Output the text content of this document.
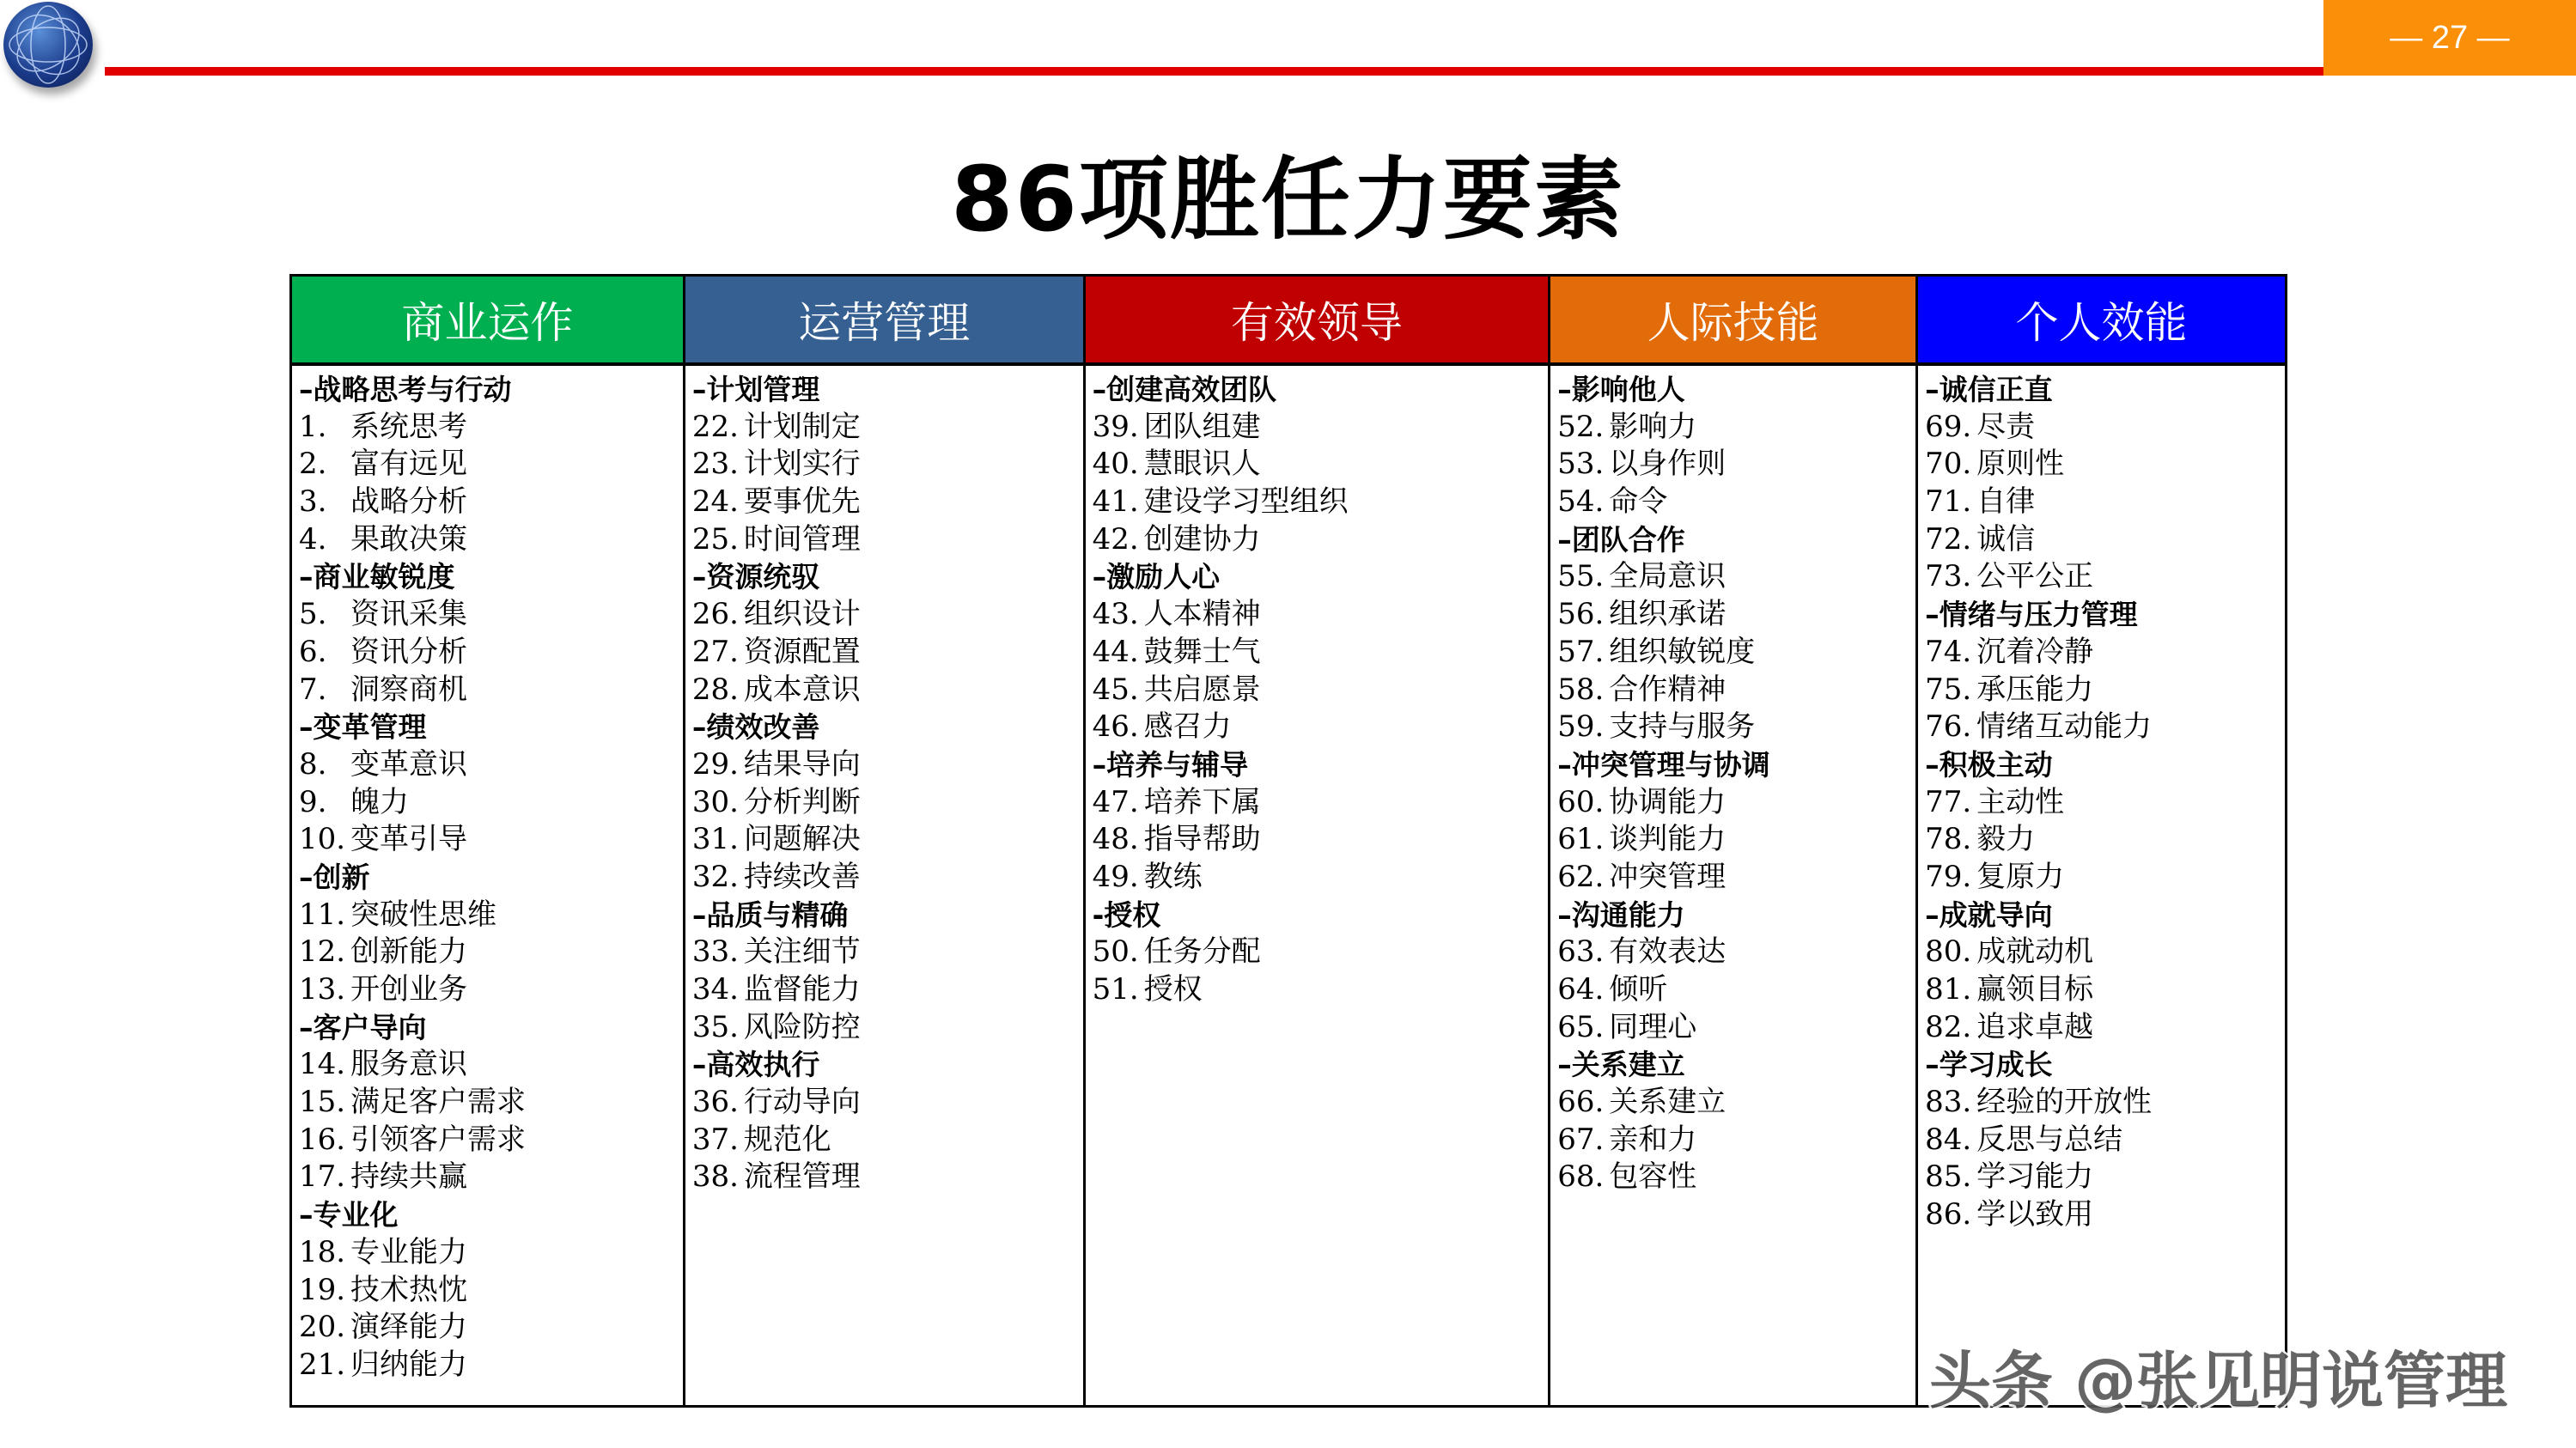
— 27 —
86项胜任力要素
商业运作
–战略思考与行动
1. 系统思考
2. 富有远见
3. 战略分析
4. 果敢决策
–商业敏锐度
5. 资讯采集
6. 资讯分析
7. 洞察商机
–变革管理
8. 变革意识
9. 魄力
10. 变革引导
–创新
11. 突破性思维
12. 创新能力
13. 开创业务
–客户导向
14. 服务意识
15. 满足客户需求
16. 引领客户需求
17. 持续共赢
–专业化
18. 专业能力
19. 技术热忱
20. 演绎能力
21. 归纳能力
运营管理
–计划管理
22. 计划制定
23. 计划实行
24. 要事优先
25. 时间管理
–资源统驭
26. 组织设计
27. 资源配置
28. 成本意识
–绩效改善
29. 结果导向
30. 分析判断
31. 问题解决
32. 持续改善
–品质与精确
33. 关注细节
34. 监督能力
35. 风险防控
–高效执行
36. 行动导向
37. 规范化
38. 流程管理
有效领导
–创建高效团队
39. 团队组建
40. 慧眼识人
41. 建设学习型组织
42. 创建协力
–激励人心
43. 人本精神
44. 鼓舞士气
45. 共启愿景
46. 感召力
–培养与辅导
47. 培养下属
48. 指导帮助
49. 教练
-授权
50. 任务分配
51. 授权
人际技能
–影响他人
52. 影响力
53. 以身作则
54. 命令
–团队合作
55. 全局意识
56. 组织承诺
57. 组织敏锐度
58. 合作精神
59. 支持与服务
–冲突管理与协调
60. 协调能力
61. 谈判能力
62. 冲突管理
–沟通能力
63. 有效表达
64. 倾听
65. 同理心
–关系建立
66. 关系建立
67. 亲和力
68. 包容性
个人效能
–诚信正直
69. 尽责
70. 原则性
71. 自律
72. 诚信
73. 公平公正
–情绪与压力管理
74. 沉着冷静
75. 承压能力
76. 情绪互动能力
–积极主动
77. 主动性
78. 毅力
79. 复原力
–成就导向
80. 成就动机
81. 赢领目标
82. 追求卓越
–学习成长
83. 经验的开放性
84. 反思与总结
85. 学习能力
86. 学以致用
头条 @张见明说管理
